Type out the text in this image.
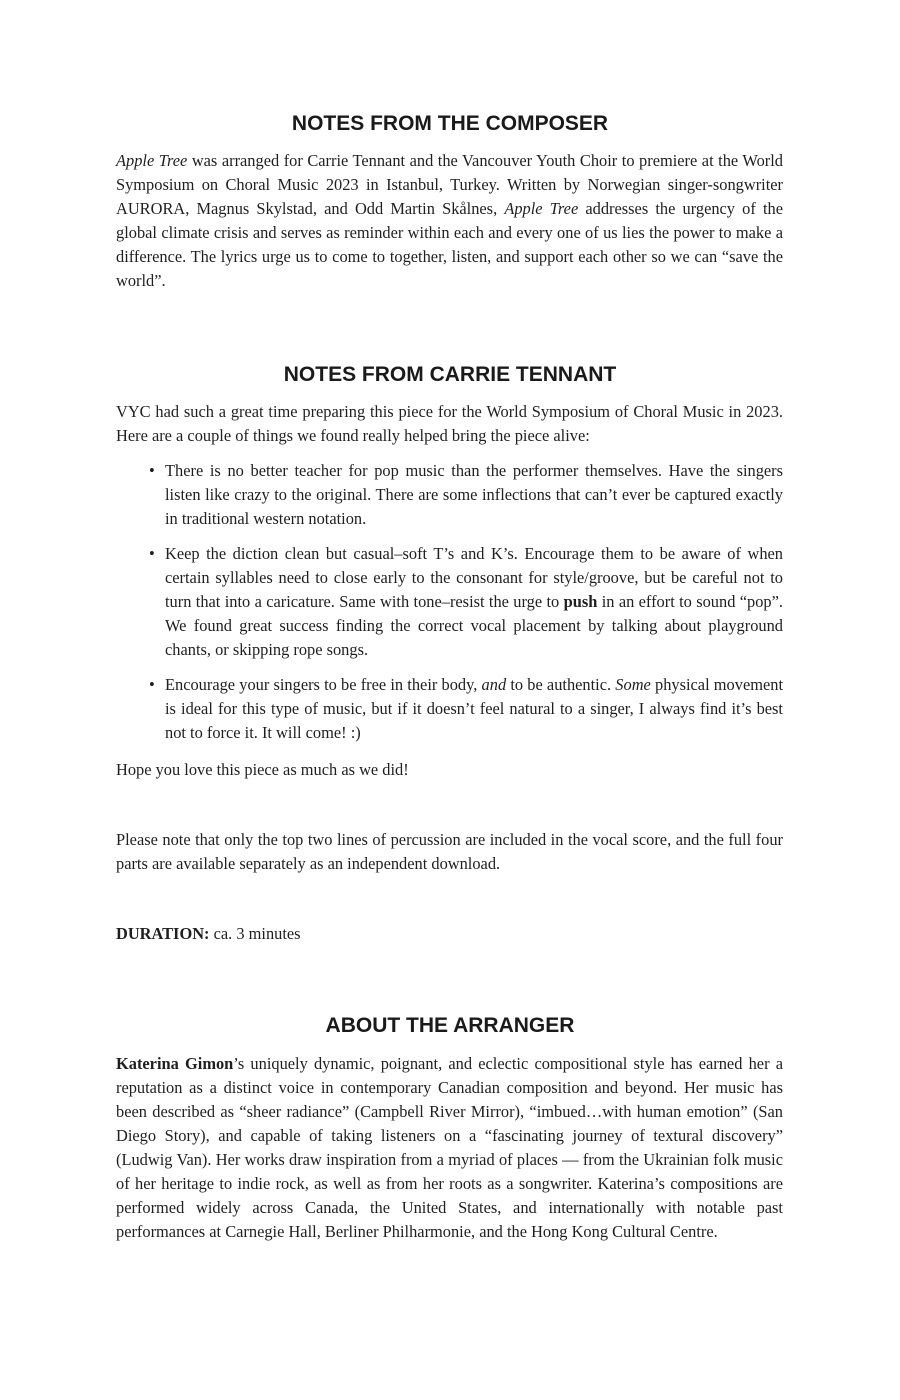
NOTES FROM THE COMPOSER

Apple Tree was arranged for Carrie Tennant and the Vancouver Youth Choir to premiere at the World Symposium on Choral Music 2023 in Istanbul, Turkey. Written by Norwegian singer-songwriter AURORA, Magnus Skylstad, and Odd Martin Skålnes, Apple Tree addresses the urgency of the global climate crisis and serves as reminder within each and every one of us lies the power to make a difference. The lyrics urge us to come to together, listen, and support each other so we can “save the world”.

NOTES FROM CARRIE TENNANT

VYC had such a great time preparing this piece for the World Symposium of Choral Music in 2023. Here are a couple of things we found really helped bring the piece alive:

• There is no better teacher for pop music than the performer themselves. Have the singers listen like crazy to the original. There are some inflections that can’t ever be captured exactly in traditional western notation.
• Keep the diction clean but casual–soft T’s and K’s. Encourage them to be aware of when certain syllables need to close early to the consonant for style/groove, but be careful not to turn that into a caricature. Same with tone–resist the urge to push in an effort to sound “pop”. We found great success finding the correct vocal placement by talking about playground chants, or skipping rope songs.
• Encourage your singers to be free in their body, and to be authentic. Some physical movement is ideal for this type of music, but if it doesn’t feel natural to a singer, I always find it’s best not to force it. It will come! :)

Hope you love this piece as much as we did!

Please note that only the top two lines of percussion are included in the vocal score, and the full four parts are available separately as an independent download.

DURATION: ca. 3 minutes

ABOUT THE ARRANGER

Katerina Gimon’s uniquely dynamic, poignant, and eclectic compositional style has earned her a reputation as a distinct voice in contemporary Canadian composition and beyond. Her music has been described as “sheer radiance” (Campbell River Mirror), “imbued…with human emotion” (San Diego Story), and capable of taking listeners on a “fascinating journey of textural discovery” (Ludwig Van). Her works draw inspiration from a myriad of places — from the Ukrainian folk music of her heritage to indie rock, as well as from her roots as a songwriter. Katerina’s compositions are performed widely across Canada, the United States, and internationally with notable past performances at Carnegie Hall, Berliner Philharmonie, and the Hong Kong Cultural Centre.
